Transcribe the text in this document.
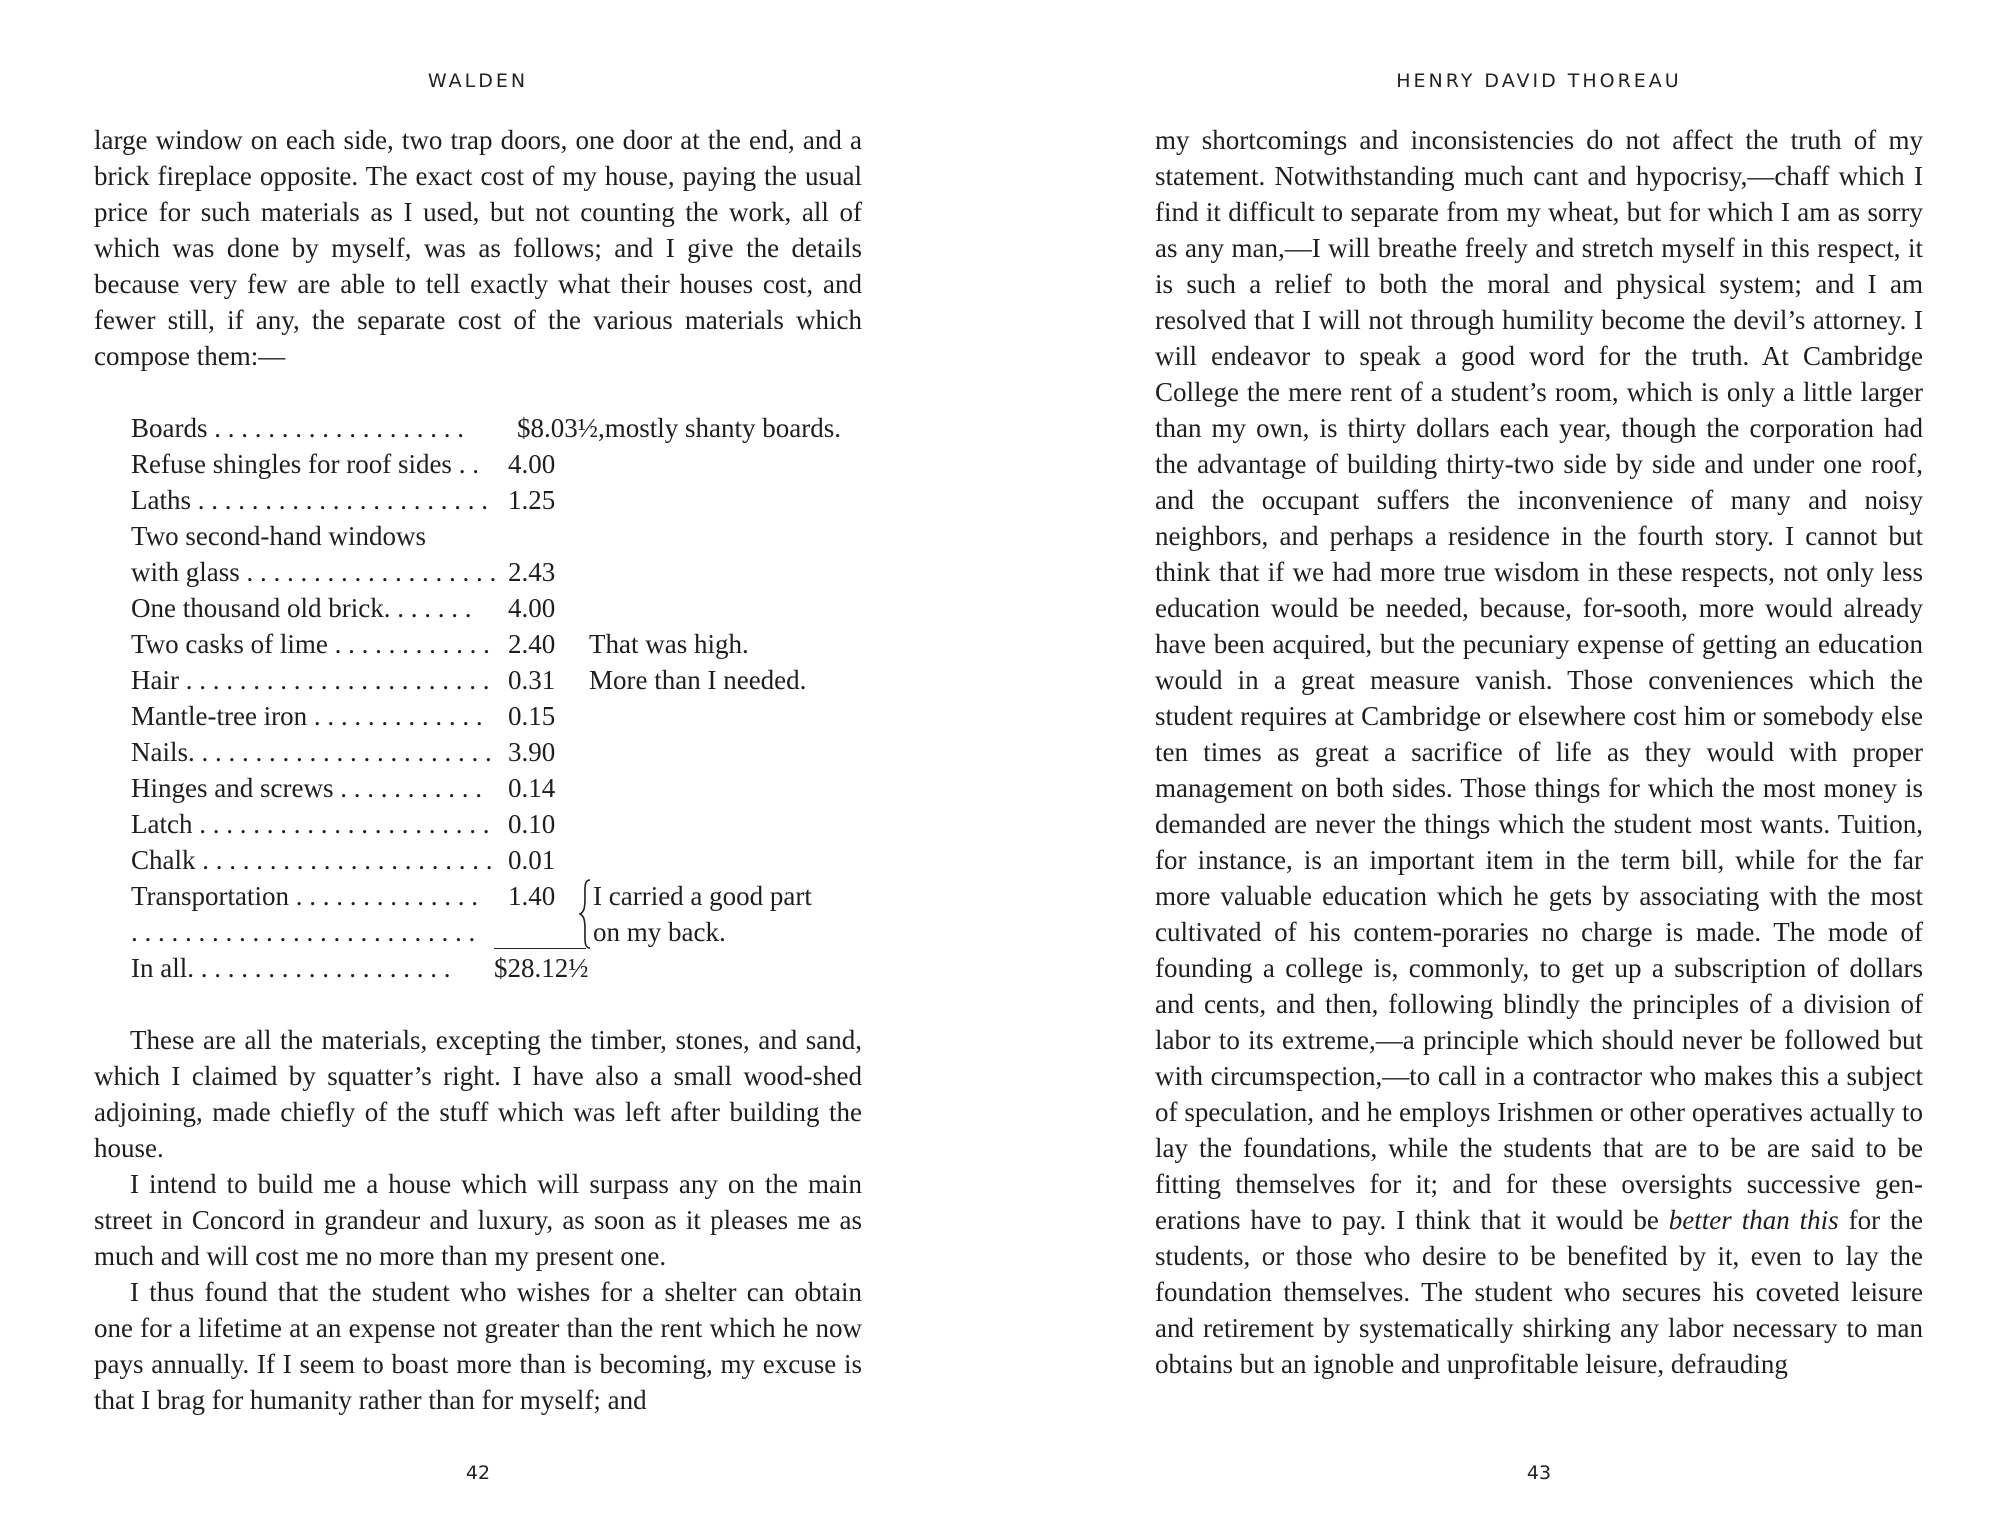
WALDEN

large window on each side, two trap doors, one door at the end, and a brick fireplace opposite. The exact cost of my house, paying the usual price for such materials as I used, but not counting the work, all of which was done by myself, was as follows; and I give the details because very few are able to tell exactly what their houses cost, and fewer still, if any, the separate cost of the various materials which compose them:—

Boards . . . . . . . . . . . . . . . . . . . $8.03½,mostly shanty boards.
Refuse shingles for roof sides . . 4.00
Laths . . . . . . . . . . . . . . . . . . . . . . 1.25
Two second-hand windows
with glass . . . . . . . . . . . . . . . . . . . 2.43
One thousand old brick. . . . . . . 4.00
Two casks of lime . . . . . . . . . . . . 2.40 That was high.
Hair . . . . . . . . . . . . . . . . . . . . . . . 0.31 More than I needed.
Mantle-tree iron . . . . . . . . . . . . . 0.15
Nails. . . . . . . . . . . . . . . . . . . . . . . 3.90
Hinges and screws . . . . . . . . . . . 0.14
Latch . . . . . . . . . . . . . . . . . . . . . . 0.10
Chalk . . . . . . . . . . . . . . . . . . . . . . 0.01
Transportation . . . . . . . . . . . . . . 1.40 I carried a good part
on my back.
. . . . . . . . . . . . . . . . . . . . . . . . . .
In all. . . . . . . . . . . . . . . . . . . . $28.12½

These are all the materials, excepting the timber, stones, and sand, which I claimed by squatter’s right. I have also a small wood-shed adjoining, made chiefly of the stuff which was left after building the house.

I intend to build me a house which will surpass any on the main street in Concord in grandeur and luxury, as soon as it pleases me as much and will cost me no more than my present one.

I thus found that the student who wishes for a shelter can obtain one for a lifetime at an expense not greater than the rent which he now pays annually. If I seem to boast more than is becoming, my excuse is that I brag for humanity rather than for myself; and

42
HENRY DAVID THOREAU

my shortcomings and inconsistencies do not affect the truth of my statement. Notwithstanding much cant and hypocrisy,—chaff which I find it difficult to separate from my wheat, but for which I am as sorry as any man,—I will breathe freely and stretch myself in this respect, it is such a relief to both the moral and physical system; and I am resolved that I will not through humility become the devil’s attorney. I will endeavor to speak a good word for the truth. At Cambridge College the mere rent of a student’s room, which is only a little larger than my own, is thirty dollars each year, though the corporation had the advantage of building thirty-two side by side and under one roof, and the occupant suffers the inconvenience of many and noisy neighbors, and perhaps a residence in the fourth story. I cannot but think that if we had more true wisdom in these respects, not only less education would be needed, because, for-sooth, more would already have been acquired, but the pecuniary expense of getting an education would in a great measure vanish. Those conveniences which the student requires at Cambridge or elsewhere cost him or somebody else ten times as great a sacrifice of life as they would with proper management on both sides. Those things for which the most money is demanded are never the things which the student most wants. Tuition, for instance, is an important item in the term bill, while for the far more valuable education which he gets by associating with the most cultivated of his contem-poraries no charge is made. The mode of founding a college is, commonly, to get up a subscription of dollars and cents, and then, following blindly the principles of a division of labor to its extreme,—a principle which should never be followed but with circumspection,—to call in a contractor who makes this a subject of speculation, and he employs Irishmen or other operatives actually to lay the foundations, while the students that are to be are said to be fitting themselves for it; and for these oversights successive gen-erations have to pay. I think that it would be better than this for the students, or those who desire to be benefited by it, even to lay the foundation themselves. The student who secures his coveted leisure and retirement by systematically shirking any labor necessary to man obtains but an ignoble and unprofitable leisure, defrauding

43
